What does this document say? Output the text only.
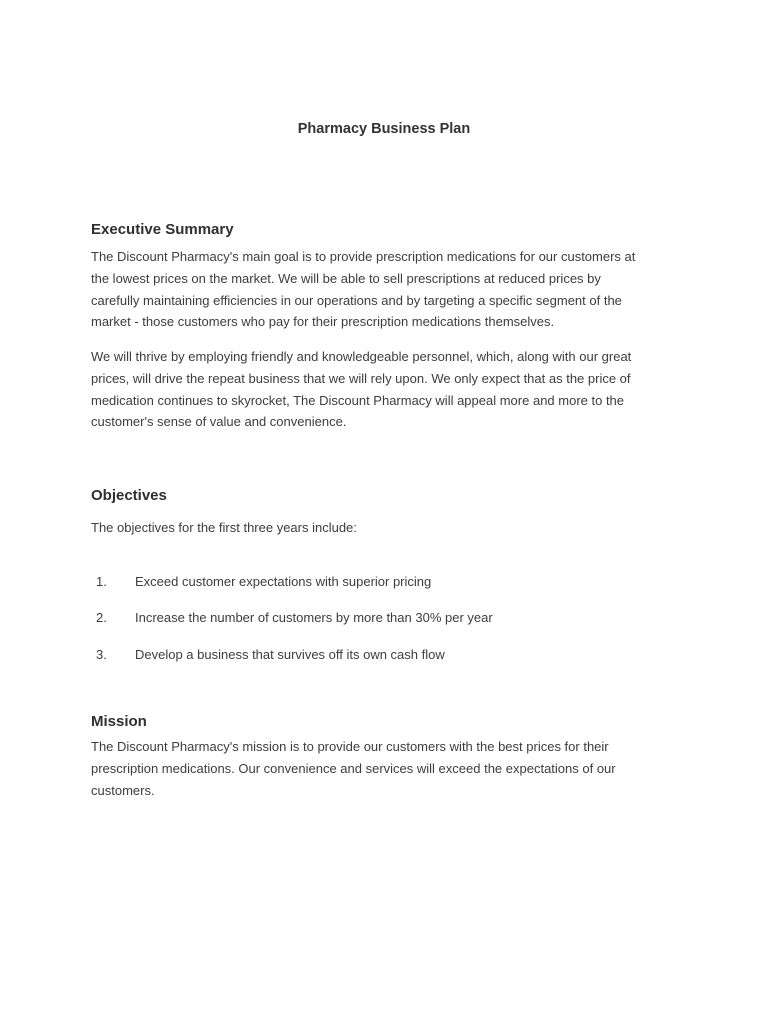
Pharmacy Business Plan
Executive Summary

The Discount Pharmacy's main goal is to provide prescription medications for our customers at
the lowest prices on the market. We will be able to sell prescriptions at reduced prices by
carefully maintaining efficiencies in our operations and by targeting a specific segment of the
market - those customers who pay for their prescription medications themselves.

We will thrive by employing friendly and knowledgeable personnel, which, along with our great
prices, will drive the repeat business that we will rely upon. We only expect that as the price of
medication continues to skyrocket, The Discount Pharmacy will appeal more and more to the
customer's sense of value and convenience.

Objectives

The objectives for the first three years include:

1. Exceed customer expectations with superior pricing
2. Increase the number of customers by more than 30% per year
3. Develop a business that survives off its own cash flow
Mission

The Discount Pharmacy's mission is to provide our customers with the best prices for their
prescription medications. Our convenience and services will exceed the expectations of our
customers.
